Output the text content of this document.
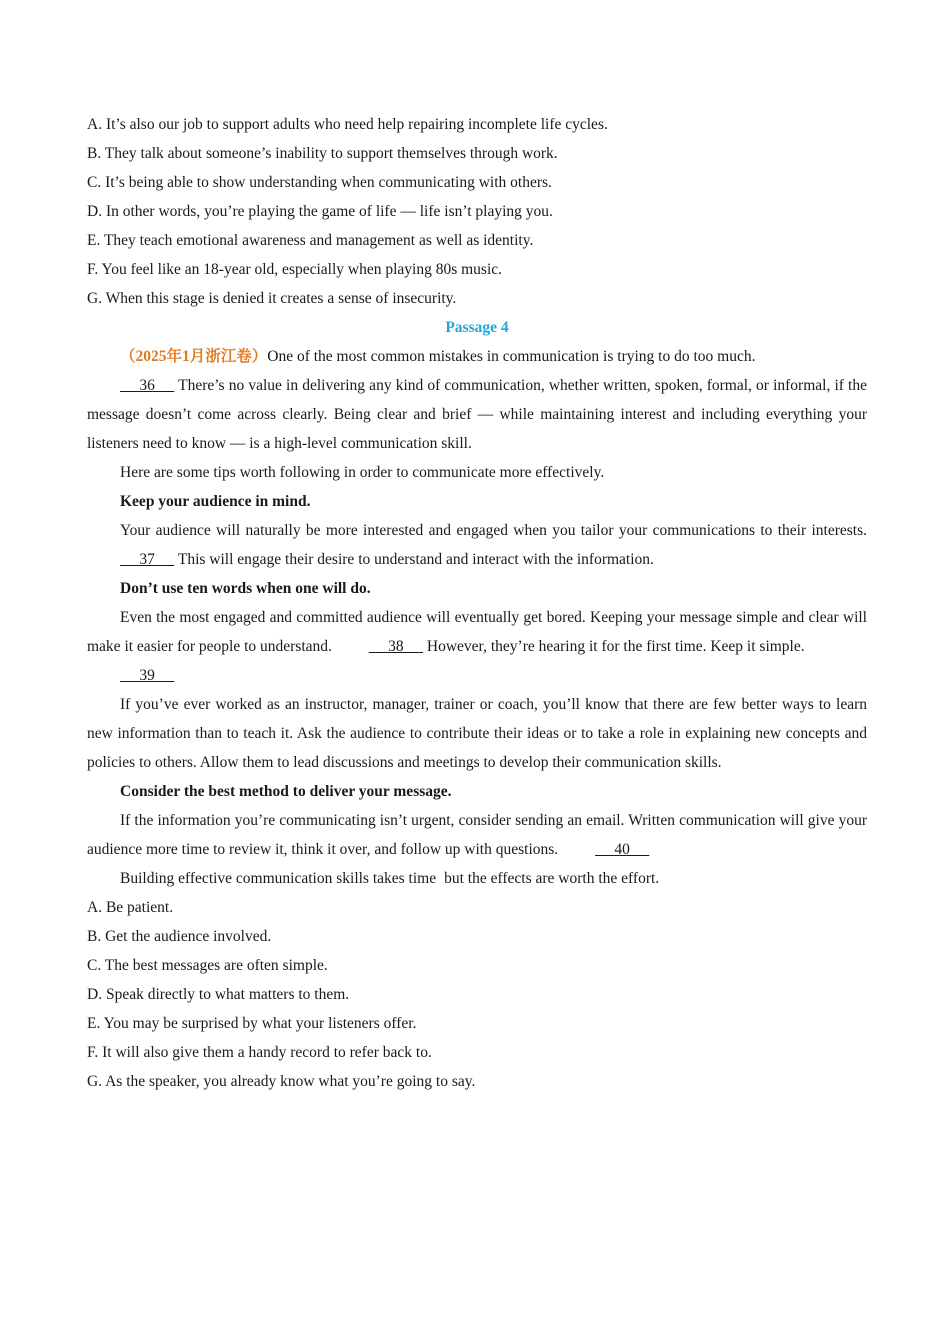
A. It’s also our job to support adults who need help repairing incomplete life cycles.
B. They talk about someone’s inability to support themselves through work.
C. It’s being able to show understanding when communicating with others.
D. In other words, you’re playing the game of life — life isn’t playing you.
E. They teach emotional awareness and management as well as identity.
F. You feel like an 18-year old, especially when playing 80s music.
G. When this stage is denied it creates a sense of insecurity.
Passage 4
（2025年1月浙江卷）One of the most common mistakes in communication is trying to do too much.
36      There’s no value in delivering any kind of communication, whether written, spoken, formal, or informal, if the message doesn’t come across clearly. Being clear and brief — while maintaining interest and including everything your listeners need to know — is a high-level communication skill.
Here are some tips worth following in order to communicate more effectively.
Keep your audience in mind.
Your audience will naturally be more interested and engaged when you tailor your communications to their interests.      37      This will engage their desire to understand and interact with the information.
Don’t use ten words when one will do.
Even the most engaged and committed audience will eventually get bored. Keeping your message simple and clear will make it easier for people to understand.      38      However, they’re hearing it for the first time. Keep it simple.
39
If you’ve ever worked as an instructor, manager, trainer or coach, you’ll know that there are few better ways to learn new information than to teach it. Ask the audience to contribute their ideas or to take a role in explaining new concepts and policies to others. Allow them to lead discussions and meetings to develop their communication skills.
Consider the best method to deliver your message.
If the information you’re communicating isn’t urgent, consider sending an email. Written communication will give your audience more time to review it, think it over, and follow up with questions.      40
Building effective communication skills takes time but the effects are worth the effort.
A. Be patient.
B. Get the audience involved.
C. The best messages are often simple.
D. Speak directly to what matters to them.
E. You may be surprised by what your listeners offer.
F. It will also give them a handy record to refer back to.
G. As the speaker, you already know what you’re going to say.
